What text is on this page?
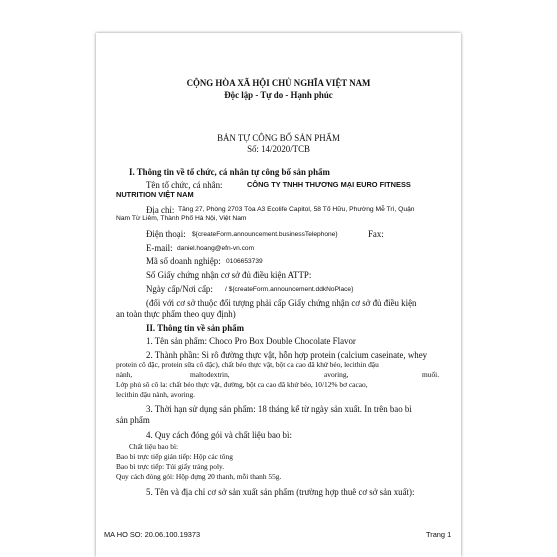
CỘNG HÒA XÃ HỘI CHỦ NGHĨA VIỆT NAM
Độc lập - Tự do - Hạnh phúc
BẢN TỰ CÔNG BỐ SẢN PHẨM
Số: 14/2020/TCB
I. Thông tin về tổ chức, cá nhân tự công bố sản phẩm
Tên tổ chức, cá nhân:	CÔNG TY TNHH THƯƠNG MẠI EURO FITNESS
NUTRITION VIỆT NAM
Địa chỉ: Tầng 27, Phòng 2703 Tòa A3 Ecolife Capitol, 58 Tố Hữu, Phường Mễ Trì, Quận
Nam Từ Liêm, Thành Phố Hà Nội, Việt Nam
Điện thoại: ${createForm.announcement.businessTelephone}	Fax:
E-mail: daniel.hoang@efn-vn.com
Mã số doanh nghiệp: 0106653739
Số Giấy chứng nhận cơ sở đủ điều kiện ATTP:
Ngày cấp/Nơi cấp: / ${createForm.announcement.ddkNoPlace}
(đối với cơ sở thuộc đối tượng phải cấp Giấy chứng nhận cơ sở đủ điều kiện
an toàn thực phẩm theo quy định)
II. Thông tin về sản phẩm
1. Tên sản phẩm: Choco Pro Box Double Chocolate Flavor
2. Thành phần: Si rô đường thực vật, hỗn hợp protein (calcium caseinate, whey
protein cô đặc, protein sữa cô đặc), chất béo thực vật, bột ca cao đã khử béo, lecithin đậu
nành,	maltodextrin,	avoring,	muối.
Lớp phủ sô cô la: chất béo thực vật, đường, bột ca cao đã khử béo, 10/12% bơ cacao,
lecithin đậu nành, avoring.
3. Thời hạn sử dụng sản phẩm: 18 tháng kể từ ngày sản xuất. In trên bao bì
sản phẩm
4. Quy cách đóng gói và chất liệu bao bì:
Chất liệu bao bì:
Bao bì trực tiếp gián tiếp: Hộp các tông
Bao bì trực tiếp: Túi giấy tráng poly.
Quy cách đóng gói: Hộp đựng 20 thanh, mỗi thanh 55g.
5. Tên và địa chỉ cơ sở sản xuất sản phẩm (trường hợp thuê cơ sở sản xuất):
MA HO SO: 20.06.100.19373	Trang 1
